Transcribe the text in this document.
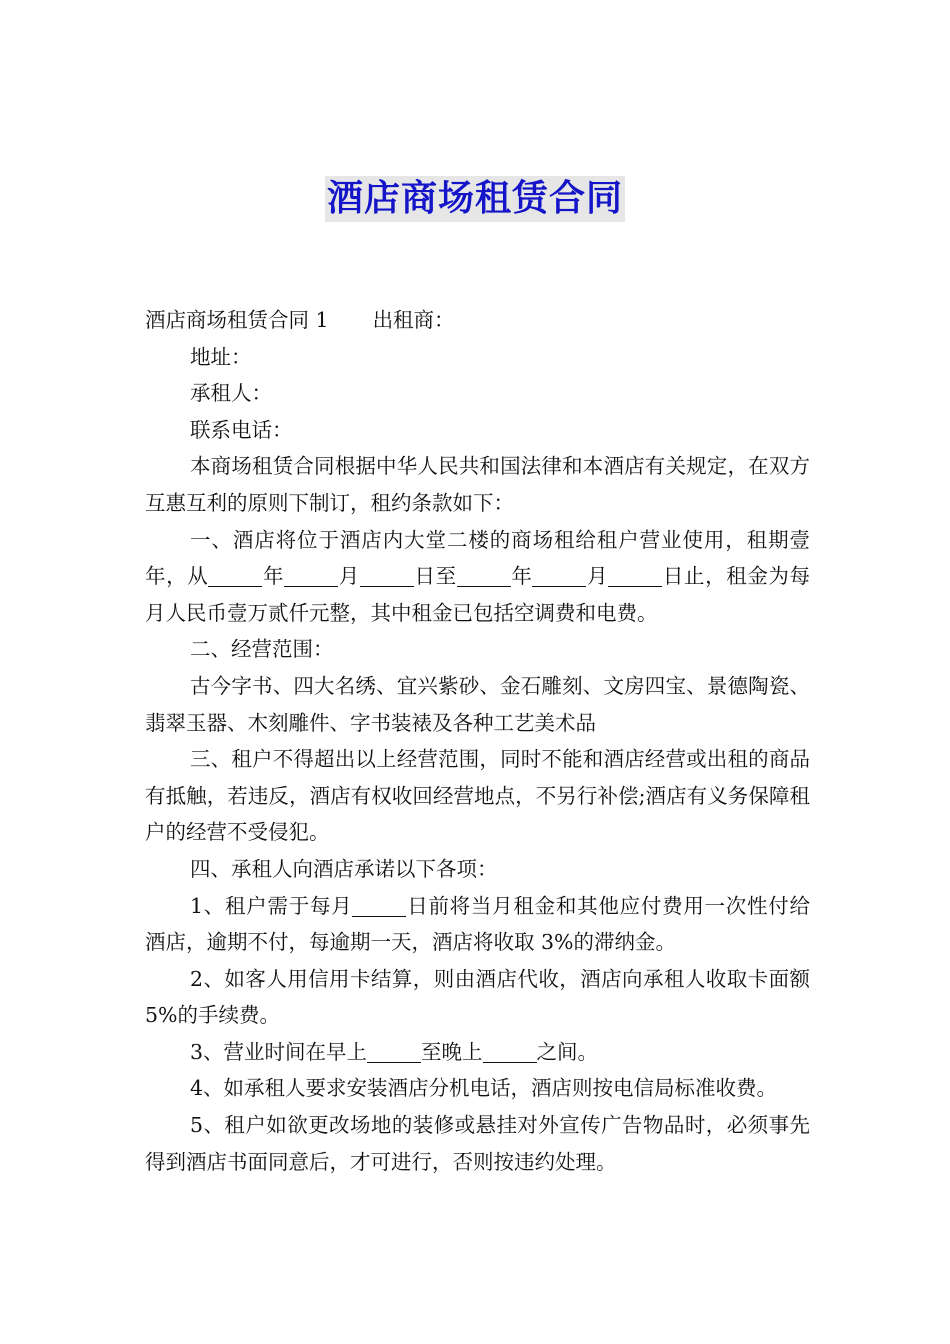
酒店商场租赁合同

酒店商场租赁合同 1 出租商：

地址：

承租人：

联系电话：

本商场租赁合同根据中华人民共和国法律和本酒店有关规定，在双方互惠互利的原则下制订，租约条款如下：

一、酒店将位于酒店内大堂二楼的商场租给租户营业使用，租期壹年，从	年	月	日至	年	月	日止，租金为每月人民币壹万贰仟元整，其中租金已包括空调费和电费。

二、经营范围：

古今字书、四大名绣、宜兴紫砂、金石雕刻、文房四宝、景德陶瓷、翡翠玉器、木刻雕件、字书装裱及各种工艺美术品

三、租户不得超出以上经营范围，同时不能和酒店经营或出租的商品有抵触，若违反，酒店有权收回经营地点，不另行补偿;酒店有义务保障租户的经营不受侵犯。

四、承租人向酒店承诺以下各项：

1、租户需于每月	日前将当月租金和其他应付费用一次性付给酒店，逾期不付，每逾期一天，酒店将收取 3%的滞纳金。

2、如客人用信用卡结算，则由酒店代收，酒店向承租人收取卡面额 5%的手续费。

3、营业时间在早上	至晚上	之间。

4、如承租人要求安装酒店分机电话，酒店则按电信局标准收费。

5、租户如欲更改场地的装修或悬挂对外宣传广告物品时，必须事先得到酒店书面同意后，才可进行，否则按违约处理。
